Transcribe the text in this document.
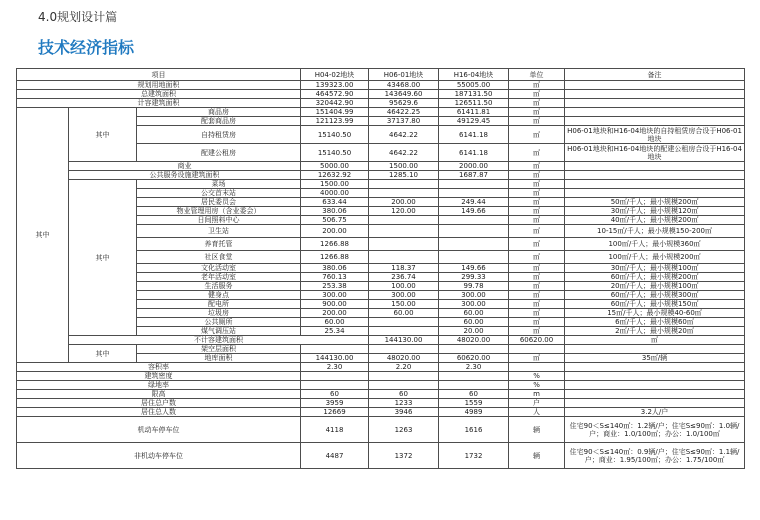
4.0规划设计篇
技术经济指标
项目			H04-02地块	H06-01地块	H16-04地块	单位	备注	
规划用地面积			139323.00	43468.00	55005.00	㎡		
总建筑面积			464572.90	143649.60	187131.50	㎡		
计容建筑面积			320442.90	95629.6	126511.50	㎡		
其中	其中	商品房	151404.99	46422.25	61411.81	㎡		
		配套商品房	121123.99	37137.80	49129.45	㎡		
		自持租赁房	15140.50	4642.22	6141.18	㎡	H06-01地块和H16-04地块的自持租赁房合设于H06-01地块	
		配建公租房	15140.50	4642.22	6141.18	㎡	H06-01地块和H16-04地块的配建公租房合设于H16-04地块	
	商业		5000.00	1500.00	2000.00	㎡		
	公共服务设施建筑面积		12632.92	1285.10	1687.87	㎡		
	其中	菜场	1500.00			㎡		
		公交首末站	4000.00			㎡		
		居民委员会	633.44	200.00	249.44	㎡	50㎡/千人；最小规模200㎡	
		物业管理用房（含业委会）	380.06	120.00	149.66	㎡	30㎡/千人；最小规模120㎡	
		日间照料中心	506.75			㎡	40㎡/千人；最小规模200㎡	
		卫生站	200.00			㎡	10-15㎡/千人；最小规模150-200㎡	
		养育托管	1266.88			㎡	100㎡/千人；最小规模360㎡	
		社区食堂	1266.88			㎡	100㎡/千人；最小规模200㎡	
		文化活动室	380.06	118.37	149.66	㎡	30㎡/千人；最小规模100㎡	
		老年活动室	760.13	236.74	299.33	㎡	60㎡/千人；最小规模200㎡	
		生活服务	253.38	100.00	99.78	㎡	20㎡/千人；最小规模100㎡	
		健身点	300.00	300.00	300.00	㎡	60㎡/千人；最小规模300㎡	
		配电所	900.00	150.00	300.00	㎡	60㎡/千人；最小规模150㎡	
		垃圾房	200.00	60.00	60.00	㎡	15㎡/千人；最小规模40-60㎡	
		公共厕所	60.00		60.00	㎡	6㎡/千人；最小规模60㎡	
		煤气调压站	25.34		20.00	㎡	2㎡/千人；最小规模20㎡	
	不计容建筑面积			144130.00	48020.00	60620.00	㎡	
	其中	架空层面积						
		地库面积	144130.00	48020.00	60620.00	㎡	35㎡/辆	
容积率			2.30	2.20	2.30			
建筑密度						%		
绿地率						%		
限高			60	60	60	m		
居住总户数			3959	1233	1559	户		
居住总人数			12669	3946	4989	人	3.2人/户	
机动车停车位			4118	1263	1616	辆	住宅90＜S≤140㎡：1.2辆/户；住宅S≤90㎡：1.0辆/户；商业：1.0/100㎡；办公：1.0/100㎡	
非机动车停车位			4487	1372	1732	辆	住宅90＜S≤140㎡：0.9辆/户；住宅S≤90㎡：1.1辆/户；商业：1.95/100㎡；办公：1.75/100㎡	
